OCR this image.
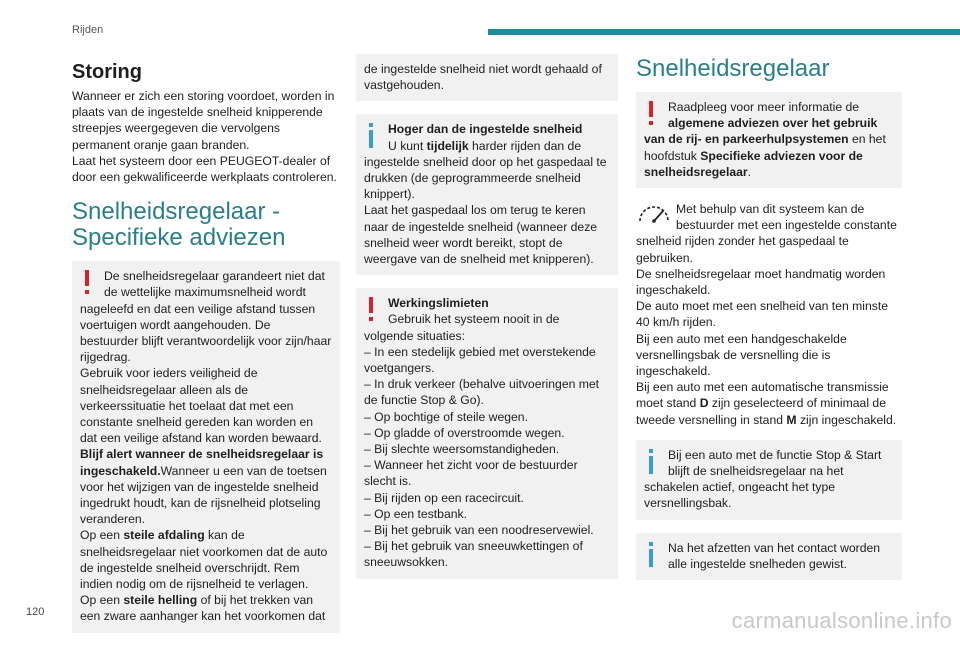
Rijden
Storing

Wanneer er zich een storing voordoet, worden in plaats van de ingestelde snelheid knipperende streepjes weergegeven die vervolgens permanent oranje gaan branden.

Laat het systeem door een PEUGEOT-dealer of door een gekwalificeerde werkplaats controleren.

Snelheidsregelaar - Specifieke adviezen
De snelheidsregelaar garandeert niet dat de wettelijke maximumsnelheid wordt nageleefd en dat een veilige afstand tussen voertuigen wordt aangehouden. De bestuurder blijft verantwoordelijk voor zijn/haar rijgedrag.
Gebruik voor ieders veiligheid de snelheidsregelaar alleen als de verkeerssituatie het toelaat dat met een constante snelheid gereden kan worden en dat een veilige afstand kan worden bewaard.
Blijf alert wanneer de snelheidsregelaar is ingeschakeld.Wanneer u een van de toetsen voor het wijzigen van de ingestelde snelheid ingedrukt houdt, kan de rijsnelheid plotseling veranderen.
Op een steile afdaling kan de snelheidsregelaar niet voorkomen dat de auto de ingestelde snelheid overschrijdt. Rem indien nodig om de rijsnelheid te verlagen.
Op een steile helling of bij het trekken van een zware aanhanger kan het voorkomen dat
de ingestelde snelheid niet wordt gehaald of vastgehouden.
Hoger dan de ingestelde snelheid
U kunt tijdelijk harder rijden dan de ingestelde snelheid door op het gaspedaal te drukken (de geprogrammeerde snelheid knippert).
Laat het gaspedaal los om terug te keren naar de ingestelde snelheid (wanneer deze snelheid weer wordt bereikt, stopt de weergave van de snelheid met knipperen).
Werkingslimieten
Gebruik het systeem nooit in de volgende situaties:
– In een stedelijk gebied met overstekende voetgangers.
– In druk verkeer (behalve uitvoeringen met de functie Stop & Go).
– Op bochtige of steile wegen.
– Op gladde of overstroomde wegen.
– Bij slechte weersomstandigheden.
– Wanneer het zicht voor de bestuurder slecht is.
– Bij rijden op een racecircuit.
– Op een testbank.
– Bij het gebruik van een noodreservewiel.
– Bij het gebruik van sneeuwkettingen of sneeuwsokken.
Snelheidsregelaar
Raadpleeg voor meer informatie de algemene adviezen over het gebruik van de rij- en parkeerhulpsystemen en het hoofdstuk Specifieke adviezen voor de snelheidsregelaar.
Met behulp van dit systeem kan de bestuurder met een ingestelde constante snelheid rijden zonder het gaspedaal te gebruiken.
De snelheidsregelaar moet handmatig worden ingeschakeld.
De auto moet met een snelheid van ten minste 40 km/h rijden.
Bij een auto met een handgeschakelde versnellingsbak de versnelling die is ingeschakeld.
Bij een auto met een automatische transmissie moet stand D zijn geselecteerd of minimaal de tweede versnelling in stand M zijn ingeschakeld.
Bij een auto met de functie Stop & Start blijft de snelheidsregelaar na het schakelen actief, ongeacht het type versnellingsbak.
Na het afzetten van het contact worden alle ingestelde snelheden gewist.
120	carmanualsonline.info
